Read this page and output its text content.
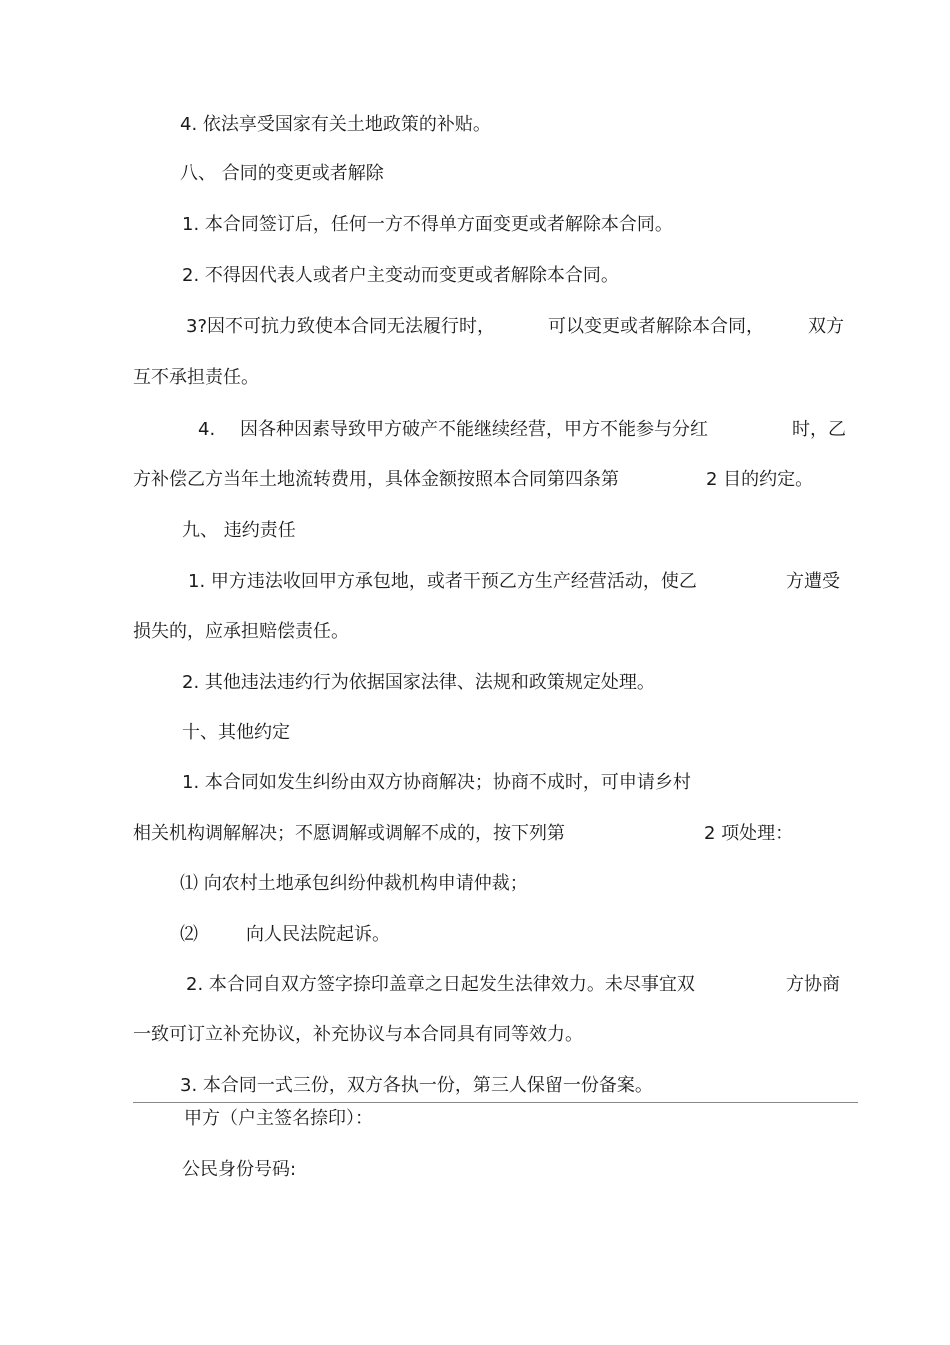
4. 依法享受国家有关土地政策的补贴。
八、 合同的变更或者解除
1. 本合同签订后，任何一方不得单方面变更或者解除本合同。
2. 不得因代表人或者户主变动而变更或者解除本合同。
3?因不可抗力致使本合同无法履行时，	可以变更或者解除本合同， 双方
互不承担责任。
4. 因各种因素导致甲方破产不能继续经营，甲方不能参与分红	时，乙
方补偿乙方当年土地流转费用，具体金额按照本合同第四条第	2 目的约定。
九、 违约责任
1. 甲方违法收回甲方承包地，或者干预乙方生产经营活动，使乙	方遭受
损失的，应承担赔偿责任。
2. 其他违法违约行为依据国家法律、法规和政策规定处理。
十、其他约定
1. 本合同如发生纠纷由双方协商解决；协商不成时，可申请乡村
相关机构调解解决；不愿调解或调解不成的，按下列第	2 项处理：
⑴ 向农村土地承包纠纷仲裁机构申请仲裁；
⑵	向人民法院起诉。
2. 本合同自双方签字捺印盖章之日起发生法律效力。未尽事宜双	方协商
一致可订立补充协议，补充协议与本合同具有同等效力。
3. 本合同一式三份，双方各执一份，第三人保留一份备案。
甲方（户主签名捺印）：
公民身份号码:
